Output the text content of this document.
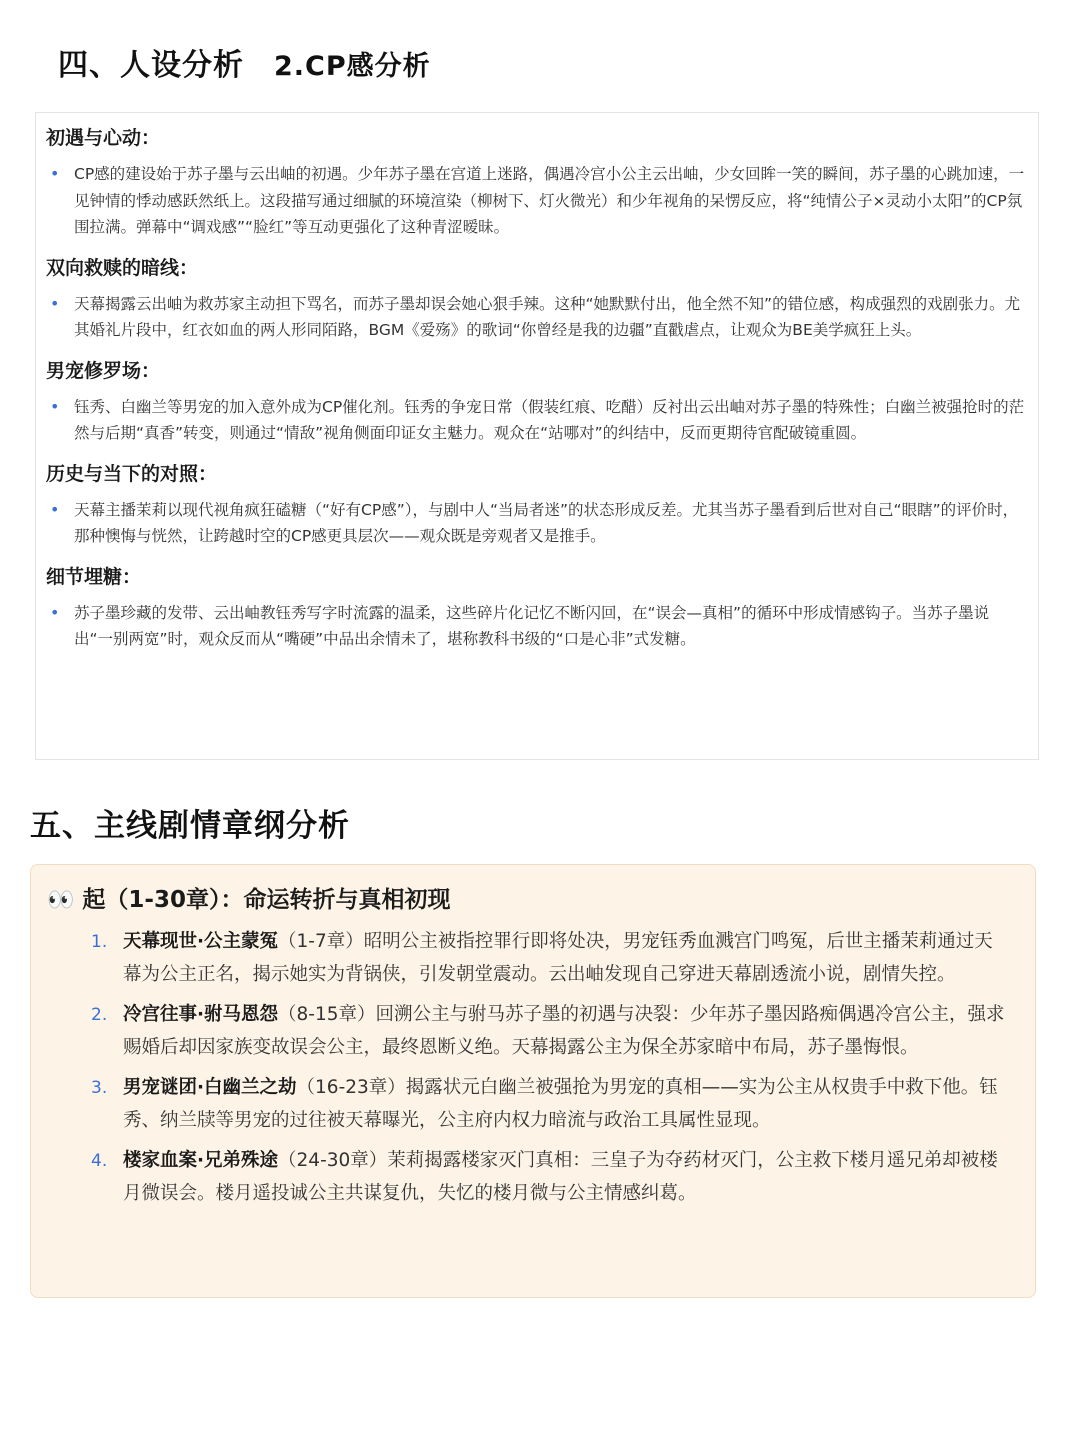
四、人设分析 2.CP感分析
初遇与心动：
• CP感的建设始于苏子墨与云出岫的初遇。少年苏子墨在宫道上迷路，偶遇冷宫小公主云出岫，少女回眸一笑的瞬间，苏子墨的心跳加速，一见钟情的悸动感跃然纸上。这段描写通过细腻的环境渲染（柳树下、灯火微光）和少年视角的呆愣反应，将“纯情公子×灵动小太阳”的CP氛围拉满。弹幕中“调戏感”“脸红”等互动更强化了这种青涩暧昧。
双向救赎的暗线：
• 天幕揭露云出岫为救苏家主动担下骂名，而苏子墨却误会她心狠手辣。这种“她默默付出，他全然不知”的错位感，构成强烈的戏剧张力。尤其婚礼片段中，红衣如血的两人形同陌路，BGM《爱殇》的歌词“你曾经是我的边疆”直戳虐点，让观众为BE美学疯狂上头。
男宠修罗场：
• 钰秀、白幽兰等男宠的加入意外成为CP催化剂。钰秀的争宠日常（假装红痕、吃醋）反衬出云出岫对苏子墨的特殊性；白幽兰被强抢时的茫然与后期“真香”转变，则通过“情敌”视角侧面印证女主魅力。观众在“站哪对”的纠结中，反而更期待官配破镜重圆。
历史与当下的对照：
• 天幕主播茉莉以现代视角疯狂磕糖（“好有CP感”），与剧中人“当局者迷”的状态形成反差。尤其当苏子墨看到后世对自己“眼瞎”的评价时，那种懊悔与恍然，让跨越时空的CP感更具层次——观众既是旁观者又是推手。
细节埋糖：
• 苏子墨珍藏的发带、云出岫教钰秀写字时流露的温柔，这些碎片化记忆不断闪回，在“误会—真相”的循环中形成情感钩子。当苏子墨说出“一别两宽”时，观众反而从“嘴硬”中品出余情未了，堪称教科书级的“口是心非”式发糖。
五、主线剧情章纲分析
👀 起（1-30章）：命运转折与真相初现
1. 天幕现世·公主蒙冤（1-7章）昭明公主被指控罪行即将处决，男宠钰秀血溅宫门鸣冤，后世主播茉莉通过天幕为公主正名，揭示她实为背锅侠，引发朝堂震动。云出岫发现自己穿进天幕剧透流小说，剧情失控。
2. 冷宫往事·驸马恩怨（8-15章）回溯公主与驸马苏子墨的初遇与决裂：少年苏子墨因路痴偶遇冷宫公主，强求赐婚后却因家族变故误会公主，最终恩断义绝。天幕揭露公主为保全苏家暗中布局，苏子墨悔恨。
3. 男宠谜团·白幽兰之劫（16-23章）揭露状元白幽兰被强抢为男宠的真相——实为公主从权贵手中救下他。钰秀、纳兰牍等男宠的过往被天幕曝光，公主府内权力暗流与政治工具属性显现。
4. 楼家血案·兄弟殊途（24-30章）茉莉揭露楼家灭门真相：三皇子为夺药材灭门，公主救下楼月遥兄弟却被楼月微误会。楼月遥投诚公主共谋复仇，失忆的楼月微与公主情感纠葛。
